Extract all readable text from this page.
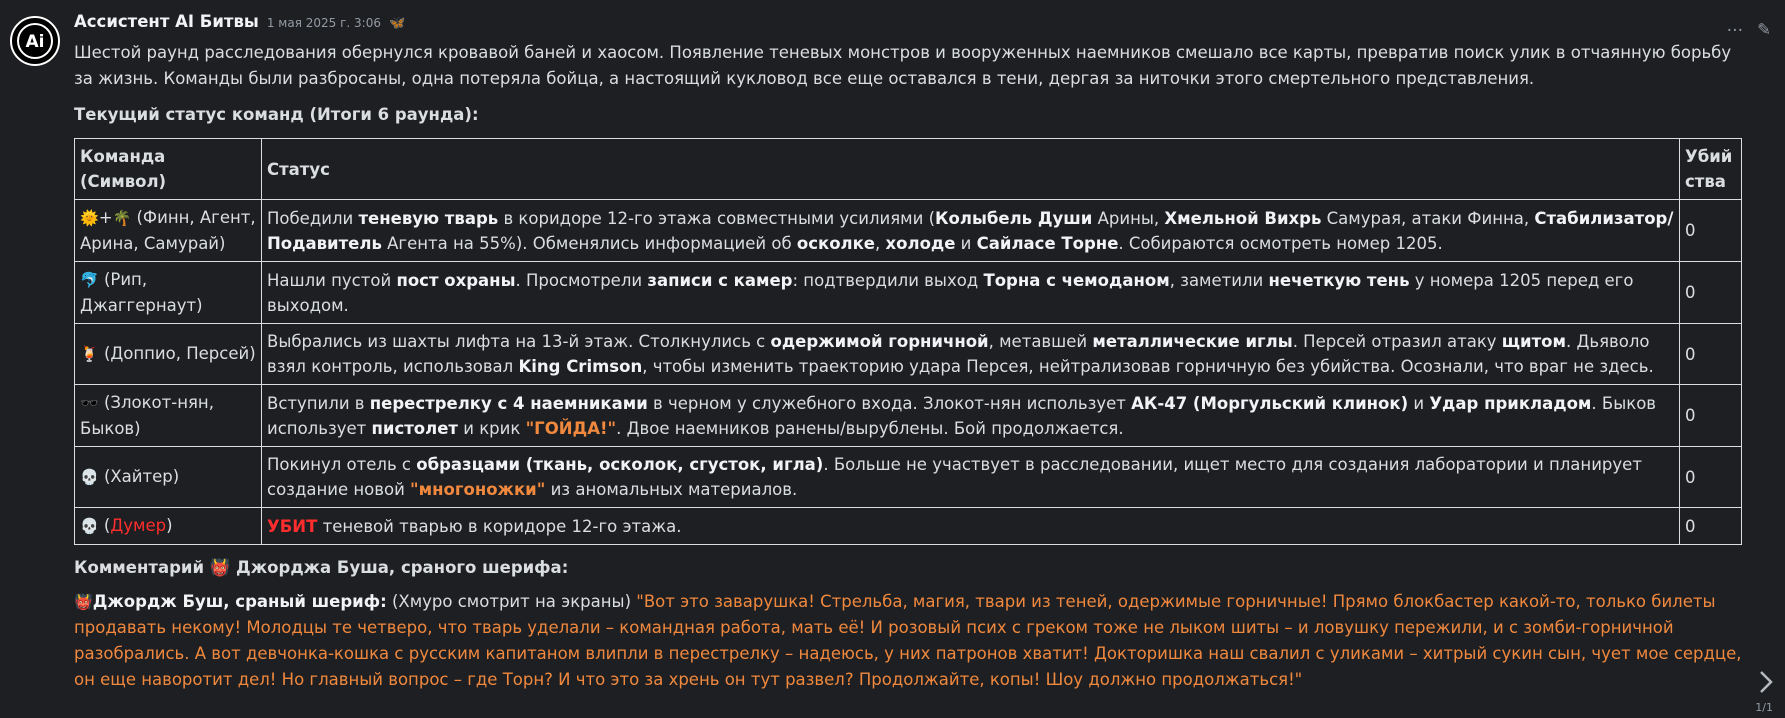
Ai
⋯ ✎
Ассистент AI Битвы 1 мая 2025 г. 3:06 🦋
Шестой раунд расследования обернулся кровавой баней и хаосом. Появление теневых монстров и вооруженных наемников смешало все карты, превратив поиск улик в отчаянную борьбу за жизнь. Команды были разбросаны, одна потеряла бойца, а настоящий кукловод все еще оставался в тени, дергая за ниточки этого смертельного представления.
Текущий статус команд (Итоги 6 раунда):
Команда (Символ)	Статус	Убий
ства
🌞+🌴 (Финн, Агент, Арина, Самурай)	Победили теневую тварь в коридоре 12-го этажа совместными усилиями (Колыбель Души Арины, Хмельной Вихрь Самурая, атаки Финна, Стабилизатор/Подавитель Агента на 55%). Обменялись информацией об осколке, холоде и Сайласе Торне. Собираются осмотреть номер 1205.	0
🐬 (Рип, Джаггернаут)	Нашли пустой пост охраны. Просмотрели записи с камер: подтвердили выход Торна с чемоданом, заметили нечеткую тень у номера 1205 перед его выходом.	0
🍹 (Доппио, Персей)	Выбрались из шахты лифта на 13-й этаж. Столкнулись с одержимой горничной, метавшей металлические иглы. Персей отразил атаку щитом. Дьяволо взял контроль, использовал King Crimson, чтобы изменить траекторию удара Персея, нейтрализовав горничную без убийства. Осознали, что враг не здесь.	0
🕶️ (Злокот-нян, Быков)	Вступили в перестрелку с 4 наемниками в черном у служебного входа. Злокот-нян использует АК-47 (Моргульский клинок) и Удар прикладом. Быков использует пистолет и крик "ГОЙДА!". Двое наемников ранены/вырублены. Бой продолжается.	0
💀 (Хайтер)	Покинул отель с образцами (ткань, осколок, сгусток, игла). Больше не участвует в расследовании, ищет место для создания лаборатории и планирует создание новой "многоножки" из аномальных материалов.	0
💀 (Думер)	УБИТ теневой тварью в коридоре 12-го этажа.	0
Комментарий 👹 Джорджа Буша, сраного шерифа:
👹Джордж Буш, сраный шериф: (Хмуро смотрит на экраны) "Вот это заварушка! Стрельба, магия, твари из теней, одержимые горничные! Прямо блокбастер какой-то, только билеты продавать некому! Молодцы те четверо, что тварь уделали – командная работа, мать её! И розовый псих с греком тоже не лыком шиты – и ловушку пережили, и с зомби-горничной разобрались. А вот девчонка-кошка с русским капитаном влипли в перестрелку – надеюсь, у них патронов хватит! Докторишка наш свалил с уликами – хитрый сукин сын, чует мое сердце, он еще наворотит дел! Но главный вопрос – где Торн? И что это за хрень он тут развел? Продолжайте, копы! Шоу должно продолжаться!"
1/1
